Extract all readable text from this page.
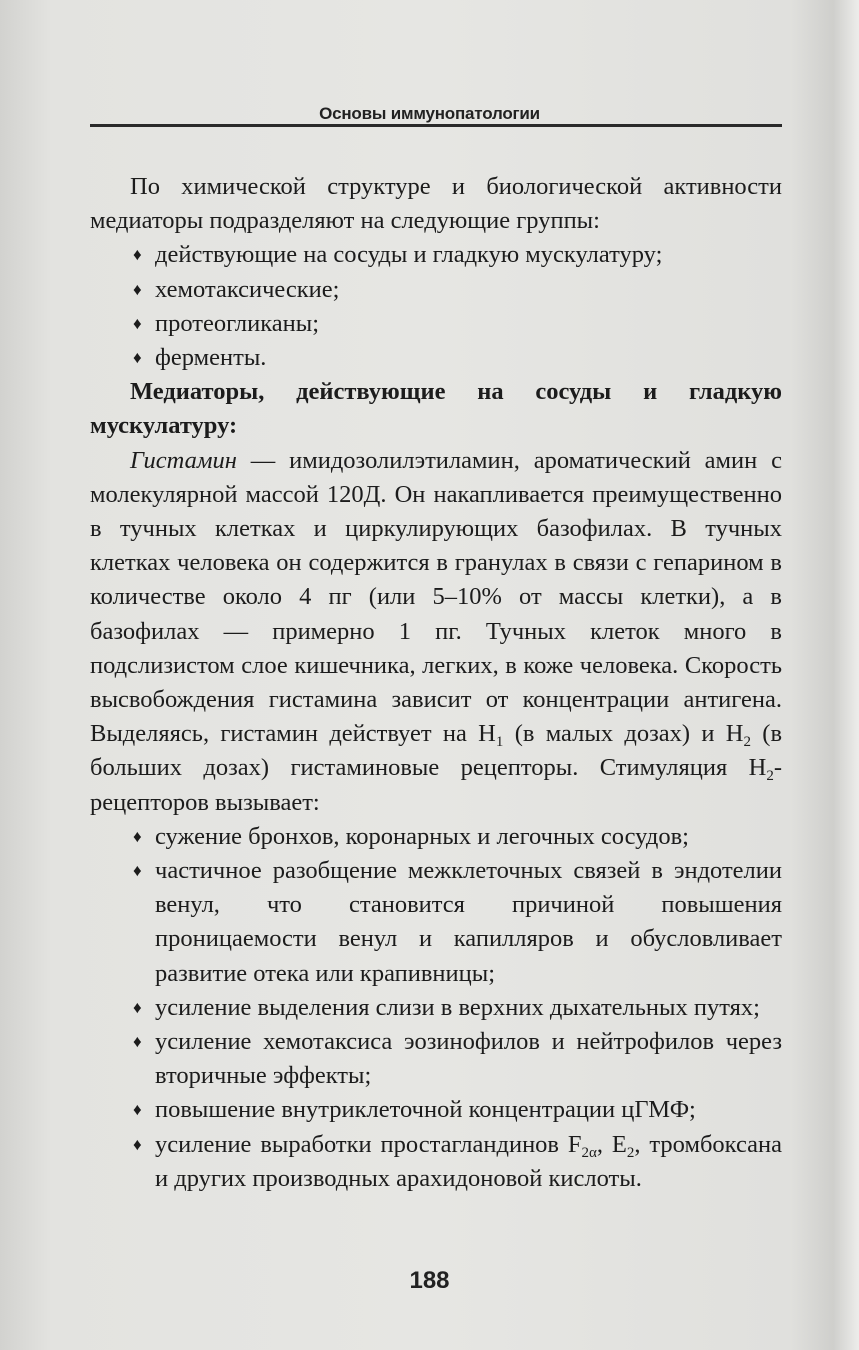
Основы иммунопатологии

По химической структуре и биологической активности медиаторы подразделяют на следующие группы:

♦ действующие на сосуды и гладкую мускулатуру;
♦ хемотаксические;
♦ протеогликаны;
♦ ферменты.

Медиаторы, действующие на сосуды и гладкую мускулатуру:

Гистамин — имидозолилэтиламин, ароматический амин с молекулярной массой 120Д. Он накапливается преимущественно в тучных клетках и циркулирующих базофилах. В тучных клетках человека он содержится в гранулах в связи с гепарином в количестве около 4 пг (или 5–10% от массы клетки), а в базофилах — примерно 1 пг. Тучных клеток много в подслизистом слое кишечника, легких, в коже человека. Скорость высвобождения гистамина зависит от концентрации антигена. Выделяясь, гистамин действует на $H_1$ (в малых дозах) и $H_2$ (в больших дозах) гистаминовые рецепторы. Стимуляция $H_2$-рецепторов вызывает:

♦ сужение бронхов, коронарных и легочных сосудов;
♦ частичное разобщение межклеточных связей в эндотелии венул, что становится причиной повышения проницаемости венул и капилляров и обусловливает развитие отека или крапивницы;
♦ усиление выделения слизи в верхних дыхательных путях;
♦ усиление хемотаксиса эозинофилов и нейтрофилов через вторичные эффекты;
♦ повышение внутриклеточной концентрации цГМФ;
♦ усиление выработки простагландинов $F_{2\alpha}$, $E_2$, тромбоксана и других производных арахидоновой кислоты.
188
